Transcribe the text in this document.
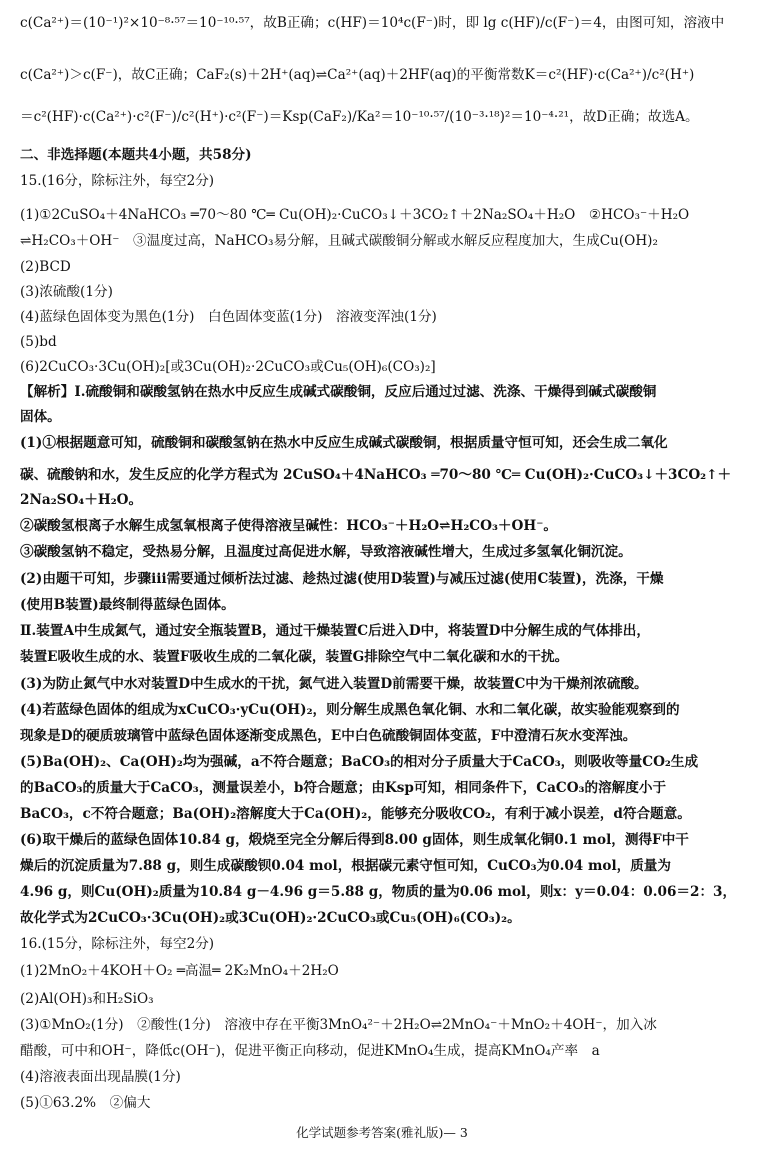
c(Ca²⁺)＝(10⁻¹)²×10⁻⁸·⁵⁷＝10⁻¹⁰·⁵⁷，故B正确；c(HF)＝10⁴c(F⁻)时，即 lg c(HF)/c(F⁻)＝4，由图可知，溶液中
c(Ca²⁺)＞c(F⁻)，故C正确；CaF₂(s)＋2H⁺(aq)⇌Ca²⁺(aq)＋2HF(aq)的平衡常数K＝c²(HF)·c(Ca²⁺)/c²(H⁺)
＝c²(HF)·c(Ca²⁺)·c²(F⁻)/c²(H⁺)·c²(F⁻)＝Ksp(CaF₂)/Ka²＝10⁻¹⁰·⁵⁷/(10⁻³·¹⁸)²＝10⁻⁴·²¹，故D正确；故选A。
二、非选择题(本题共4小题，共58分)
15.(16分，除标注外，每空2分)
(1)①2CuSO₄＋4NaHCO₃ ═70～80 ℃═ Cu(OH)₂·CuCO₃↓＋3CO₂↑＋2Na₂SO₄＋H₂O　②HCO₃⁻＋H₂O
⇌H₂CO₃＋OH⁻　③温度过高，NaHCO₃易分解，且碱式碳酸铜分解或水解反应程度加大，生成Cu(OH)₂
(2)BCD
(3)浓硫酸(1分)
(4)蓝绿色固体变为黑色(1分)　白色固体变蓝(1分)　溶液变浑浊(1分)
(5)bd
(6)2CuCO₃·3Cu(OH)₂[或3Cu(OH)₂·2CuCO₃或Cu₅(OH)₆(CO₃)₂]
【解析】Ⅰ.硫酸铜和碳酸氢钠在热水中反应生成碱式碳酸铜，反应后通过过滤、洗涤、干燥得到碱式碳酸铜
固体。
(1)①根据题意可知，硫酸铜和碳酸氢钠在热水中反应生成碱式碳酸铜，根据质量守恒可知，还会生成二氧化
碳、硫酸钠和水，发生反应的化学方程式为 2CuSO₄＋4NaHCO₃ ═70～80 ℃═ Cu(OH)₂·CuCO₃↓＋3CO₂↑＋
2Na₂SO₄＋H₂O。
②碳酸氢根离子水解生成氢氧根离子使得溶液呈碱性：HCO₃⁻＋H₂O⇌H₂CO₃＋OH⁻。
③碳酸氢钠不稳定，受热易分解，且温度过高促进水解，导致溶液碱性增大，生成过多氢氧化铜沉淀。
(2)由题干可知，步骤ⅲ需要通过倾析法过滤、趁热过滤(使用D装置)与减压过滤(使用C装置)，洗涤，干燥
(使用B装置)最终制得蓝绿色固体。
Ⅱ.装置A中生成氮气，通过安全瓶装置B，通过干燥装置C后进入D中，将装置D中分解生成的气体排出，
装置E吸收生成的水、装置F吸收生成的二氧化碳，装置G排除空气中二氧化碳和水的干扰。
(3)为防止氮气中水对装置D中生成水的干扰，氮气进入装置D前需要干燥，故装置C中为干燥剂浓硫酸。
(4)若蓝绿色固体的组成为xCuCO₃·yCu(OH)₂，则分解生成黑色氧化铜、水和二氧化碳，故实验能观察到的
现象是D的硬质玻璃管中蓝绿色固体逐渐变成黑色，E中白色硫酸铜固体变蓝，F中澄清石灰水变浑浊。
(5)Ba(OH)₂、Ca(OH)₂均为强碱，a不符合题意；BaCO₃的相对分子质量大于CaCO₃，则吸收等量CO₂生成
的BaCO₃的质量大于CaCO₃，测量误差小，b符合题意；由Ksp可知，相同条件下，CaCO₃的溶解度小于
BaCO₃，c不符合题意；Ba(OH)₂溶解度大于Ca(OH)₂，能够充分吸收CO₂，有利于减小误差，d符合题意。
(6)取干燥后的蓝绿色固体10.84 g，煅烧至完全分解后得到8.00 g固体，则生成氧化铜0.1 mol，测得F中干
燥后的沉淀质量为7.88 g，则生成碳酸钡0.04 mol，根据碳元素守恒可知，CuCO₃为0.04 mol，质量为
4.96 g，则Cu(OH)₂质量为10.84 g－4.96 g＝5.88 g，物质的量为0.06 mol，则x：y＝0.04：0.06＝2：3，
故化学式为2CuCO₃·3Cu(OH)₂或3Cu(OH)₂·2CuCO₃或Cu₅(OH)₆(CO₃)₂。
16.(15分，除标注外，每空2分)
(1)2MnO₂＋4KOH＋O₂ ═高温═ 2K₂MnO₄＋2H₂O
(2)Al(OH)₃和H₂SiO₃
(3)①MnO₂(1分)　②酸性(1分)　溶液中存在平衡3MnO₄²⁻＋2H₂O⇌2MnO₄⁻＋MnO₂＋4OH⁻，加入冰
醋酸，可中和OH⁻，降低c(OH⁻)，促进平衡正向移动，促进KMnO₄生成，提高KMnO₄产率　a
(4)溶液表面出现晶膜(1分)
(5)①63.2%　②偏大
化学试题参考答案(雅礼版)— 3
